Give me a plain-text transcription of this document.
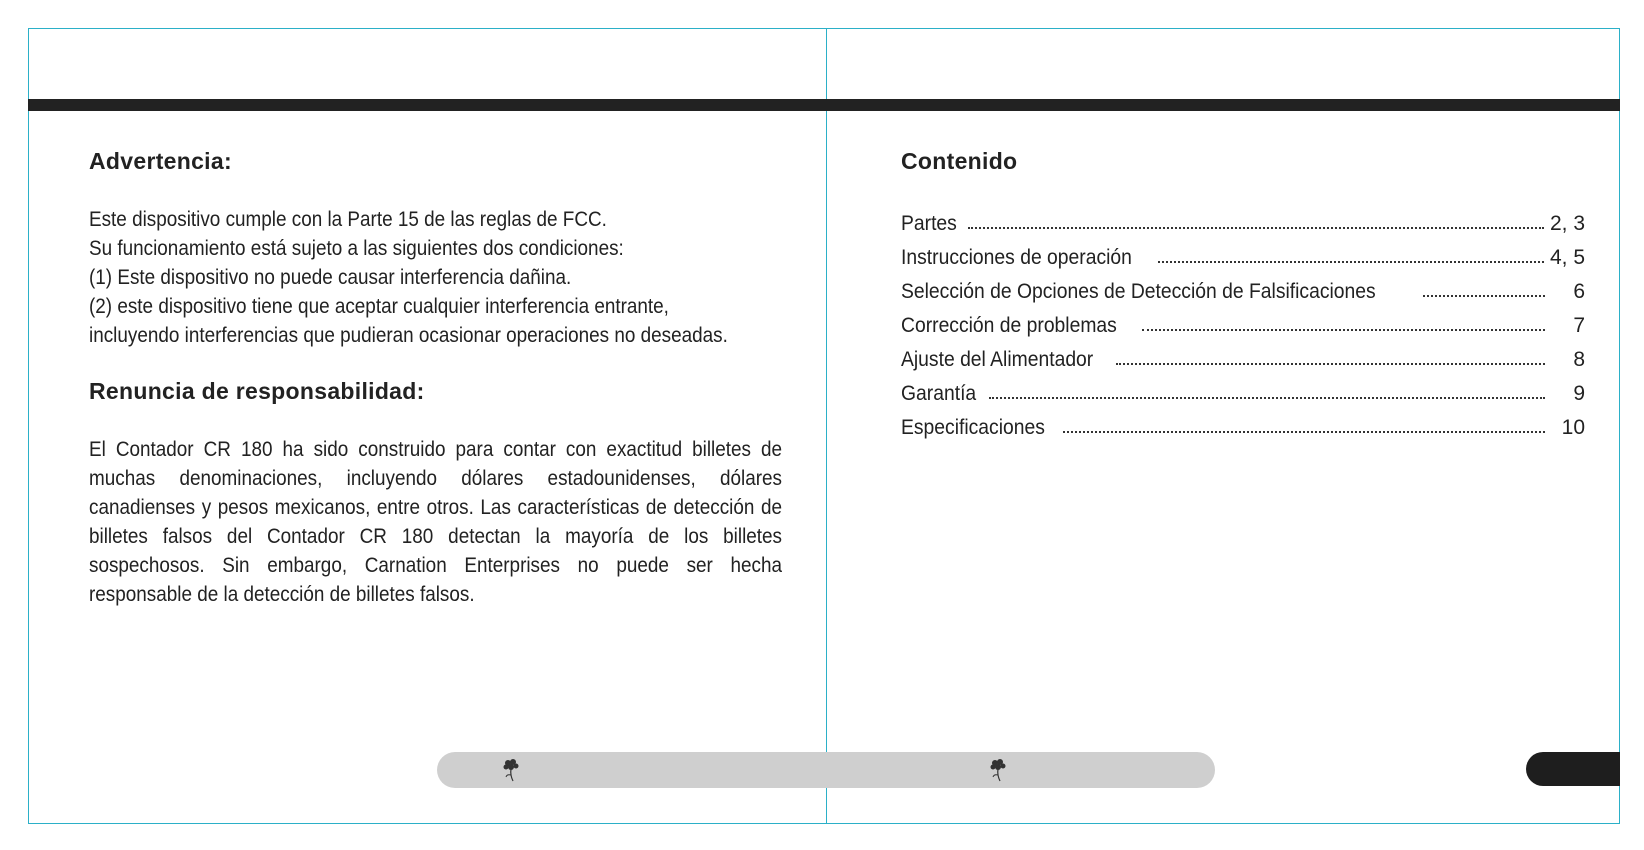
Advertencia:

Este dispositivo cumple con la Parte 15 de las reglas de FCC.

Su funcionamiento está sujeto a las siguientes dos condiciones:

(1) Este dispositivo no puede causar interferencia dañina.

(2) este dispositivo tiene que aceptar cualquier interferencia entrante,

incluyendo interferencias que pudieran ocasionar operaciones no deseadas.

Renuncia de responsabilidad:

El Contador CR 180 ha sido construido para contar con exactitud billetes de muchas denominaciones, incluyendo dólares estadounidenses, dólares canadienses y pesos mexicanos, entre otros. Las características de detección de billetes falsos del Contador CR 180 detectan la mayoría de los billetes sospechosos. Sin embargo, Carnation Enterprises no puede ser hecha responsable de la detección de billetes falsos.

Contenido
Partes	2, 3
Instrucciones de operación	4, 5
Selección de Opciones de Detección de Falsificaciones	6
Corrección de problemas	7
Ajuste del Alimentador	8
Garantía	9
Especificaciones	10
